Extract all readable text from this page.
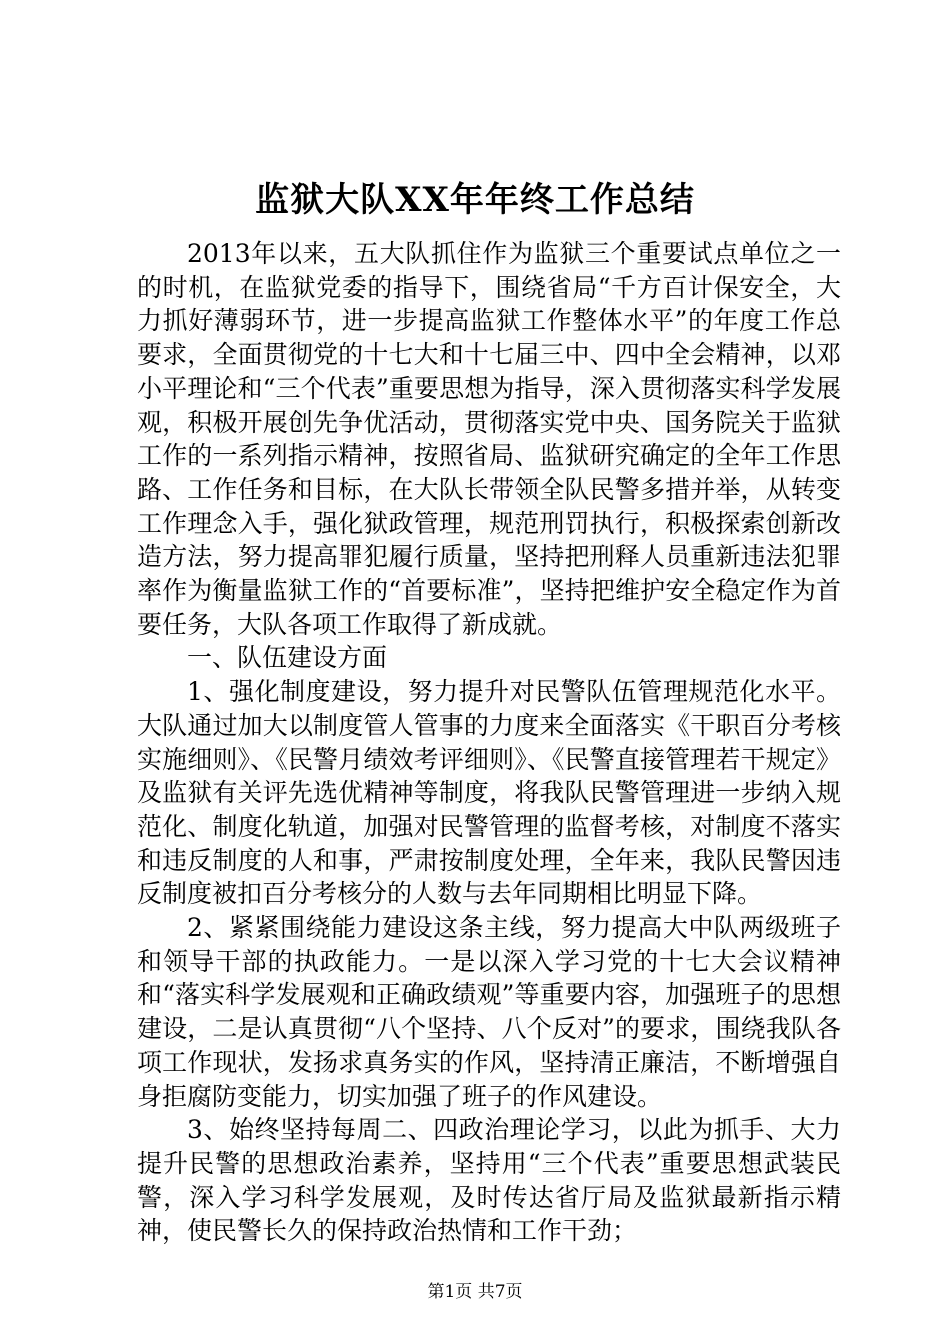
监狱大队XX年年终工作总结

2013年以来，五大队抓住作为监狱三个重要试点单位之一的时机，在监狱党委的指导下，围绕省局“千方百计保安全，大力抓好薄弱环节，进一步提高监狱工作整体水平”的年度工作总要求，全面贯彻党的十七大和十七届三中、四中全会精神，以邓小平理论和“三个代表”重要思想为指导，深入贯彻落实科学发展观，积极开展创先争优活动，贯彻落实党中央、国务院关于监狱工作的一系列指示精神，按照省局、监狱研究确定的全年工作思路、工作任务和目标，在大队长带领全队民警多措并举，从转变工作理念入手，强化狱政管理，规范刑罚执行，积极探索创新改造方法，努力提高罪犯履行质量，坚持把刑释人员重新违法犯罪率作为衡量监狱工作的“首要标准”，坚持把维护安全稳定作为首要任务，大队各项工作取得了新成就。

一、队伍建设方面

1、强化制度建设，努力提升对民警队伍管理规范化水平。大队通过加大以制度管人管事的力度来全面落实《干职百分考核实施细则》、《民警月绩效考评细则》、《民警直接管理若干规定》及监狱有关评先选优精神等制度，将我队民警管理进一步纳入规范化、制度化轨道，加强对民警管理的监督考核，对制度不落实和违反制度的人和事，严肃按制度处理，全年来，我队民警因违反制度被扣百分考核分的人数与去年同期相比明显下降。

2、紧紧围绕能力建设这条主线，努力提高大中队两级班子和领导干部的执政能力。一是以深入学习党的十七大会议精神和“落实科学发展观和正确政绩观”等重要内容，加强班子的思想建设，二是认真贯彻“八个坚持、八个反对”的要求，围绕我队各项工作现状，发扬求真务实的作风，坚持清正廉洁，不断增强自身拒腐防变能力，切实加强了班子的作风建设。

3、始终坚持每周二、四政治理论学习，以此为抓手、大力提升民警的思想政治素养，坚持用“三个代表”重要思想武装民警，深入学习科学发展观，及时传达省厅局及监狱最新指示精神，使民警长久的保持政治热情和工作干劲；

第1页 共7页
